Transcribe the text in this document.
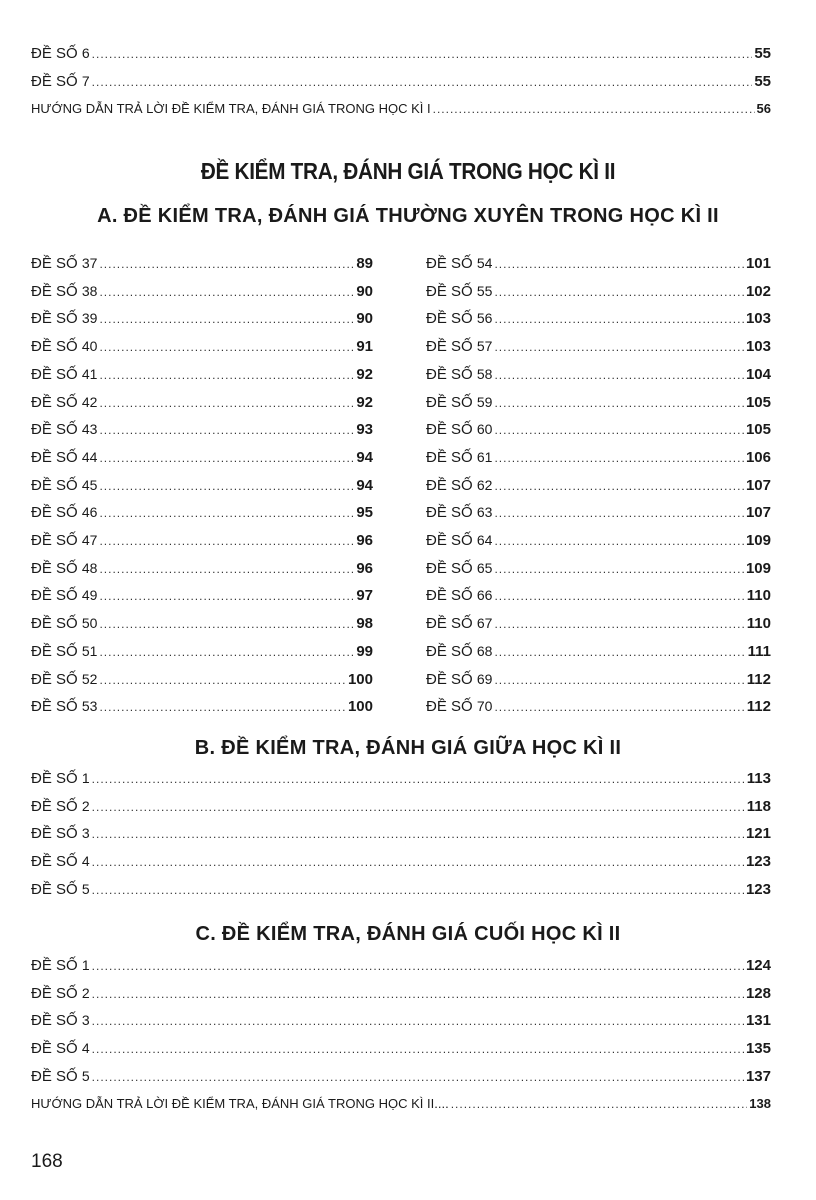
ĐỀ SỐ 6 .....	55
ĐỀ SỐ 7 .....	55
HƯỚNG DẪN TRẢ LỜI ĐỀ KIỂM TRA, ĐÁNH GIÁ TRONG HỌC KÌ I .....	56
ĐỀ KIỂM TRA, ĐÁNH GIÁ TRONG HỌC KÌ II
A. ĐỀ KIỂM TRA, ĐÁNH GIÁ THƯỜNG XUYÊN TRONG HỌC KÌ II
ĐỀ SỐ 37 .....	89
ĐỀ SỐ 38 .....	90
ĐỀ SỐ 39 .....	90
ĐỀ SỐ 40 .....	91
ĐỀ SỐ 41 .....	92
ĐỀ SỐ 42 .....	92
ĐỀ SỐ 43 .....	93
ĐỀ SỐ 44 .....	94
ĐỀ SỐ 45 .....	94
ĐỀ SỐ 46 .....	95
ĐỀ SỐ 47 .....	96
ĐỀ SỐ 48 .....	96
ĐỀ SỐ 49 .....	97
ĐỀ SỐ 50 .....	98
ĐỀ SỐ 51 .....	99
ĐỀ SỐ 52 .....	100
ĐỀ SỐ 53 .....	100
ĐỀ SỐ 54 .....	101
ĐỀ SỐ 55 .....	102
ĐỀ SỐ 56 .....	103
ĐỀ SỐ 57 .....	103
ĐỀ SỐ 58 .....	104
ĐỀ SỐ 59 .....	105
ĐỀ SỐ 60 .....	105
ĐỀ SỐ 61 .....	106
ĐỀ SỐ 62 .....	107
ĐỀ SỐ 63 .....	107
ĐỀ SỐ 64 .....	109
ĐỀ SỐ 65 .....	109
ĐỀ SỐ 66 .....	110
ĐỀ SỐ 67 .....	110
ĐỀ SỐ 68 .....	111
ĐỀ SỐ 69 .....	112
ĐỀ SỐ 70 .....	112
B. ĐỀ KIỂM TRA, ĐÁNH GIÁ GIỮA HỌC KÌ II
ĐỀ SỐ 1 .....	113
ĐỀ SỐ 2 .....	118
ĐỀ SỐ 3 .....	121
ĐỀ SỐ 4 .....	123
ĐỀ SỐ 5 .....	123
C. ĐỀ KIỂM TRA, ĐÁNH GIÁ CUỐI HỌC KÌ II
ĐỀ SỐ 1 .....	124
ĐỀ SỐ 2 .....	128
ĐỀ SỐ 3 .....	131
ĐỀ SỐ 4 .....	135
ĐỀ SỐ 5 .....	137
HƯỚNG DẪN TRẢ LỜI ĐỀ KIỂM TRA, ĐÁNH GIÁ TRONG HỌC KÌ II.... .....	138
168
